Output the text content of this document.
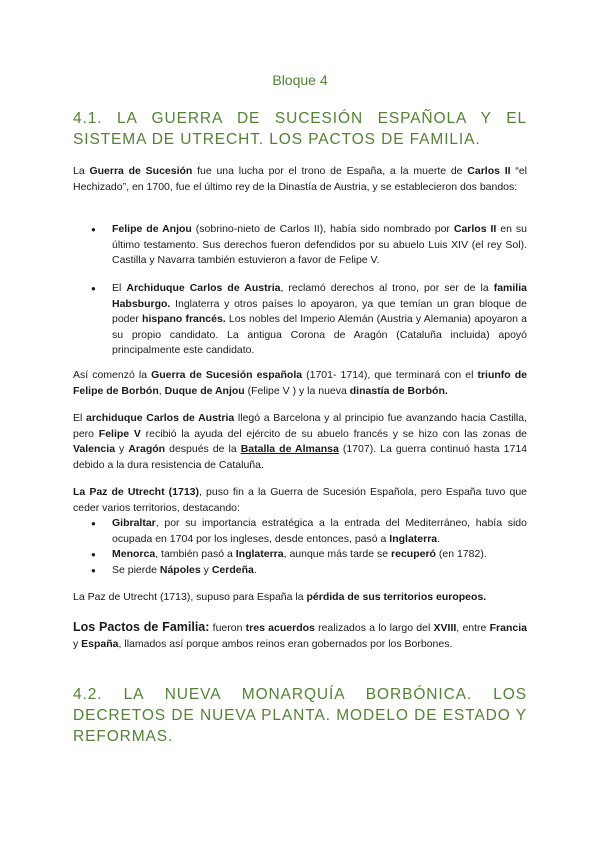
Bloque 4
4.1. LA GUERRA DE SUCESIÓN ESPAÑOLA Y EL SISTEMA DE UTRECHT. LOS PACTOS DE FAMILIA.

La Guerra de Sucesión fue una lucha por el trono de España, a la muerte de Carlos II “el Hechizado”, en 1700, fue el último rey de la Dinastía de Austria, y se establecieron dos bandos:

● Felipe de Anjou (sobrino-nieto de Carlos II), había sido nombrado por Carlos II en su último testamento. Sus derechos fueron defendidos por su abuelo Luis XIV (el rey Sol). Castilla y Navarra también estuvieron a favor de Felipe V.
● El Archiduque Carlos de Austria, reclamó derechos al trono, por ser de la familia Habsburgo. Inglaterra y otros países lo apoyaron, ya que temían un gran bloque de poder hispano francés. Los nobles del Imperio Alemán (Austria y Alemania) apoyaron a su propio candidato. La antigua Corona de Aragón (Cataluña incluida) apoyó principalmente este candidato.

Así comenzó la Guerra de Sucesión española (1701- 1714), que terminará con el triunfo de Felipe de Borbón, Duque de Anjou (Felipe V ) y la nueva dinastía de Borbón.

El archiduque Carlos de Austria llegó a Barcelona y al principio fue avanzando hacia Castilla, pero Felipe V recibió la ayuda del ejército de su abuelo francés y se hizo con las zonas de Valencia y Aragón después de la Batalla de Almansa (1707). La guerra continuó hasta 1714 debido a la dura resistencia de Cataluña.

La Paz de Utrecht (1713), puso fin a la Guerra de Sucesión Española, pero España tuvo que ceder varios territorios, destacando:

● Gibraltar, por su importancia estratégica a la entrada del Mediterráneo, había sido ocupada en 1704 por los ingleses, desde entonces, pasó a Inglaterra.
● Menorca, también pasó a Inglaterra, aunque más tarde se recuperó (en 1782).
● Se pierde Nápoles y Cerdeña.

La Paz de Utrecht (1713), supuso para España la pérdida de sus territorios europeos.

Los Pactos de Familia: fueron tres acuerdos realizados a lo largo del XVIII, entre Francia y España, llamados así porque ambos reinos eran gobernados por los Borbones.

4.2. LA NUEVA MONARQUÍA BORBÓNICA. LOS DECRETOS DE NUEVA PLANTA. MODELO DE ESTADO Y REFORMAS.
